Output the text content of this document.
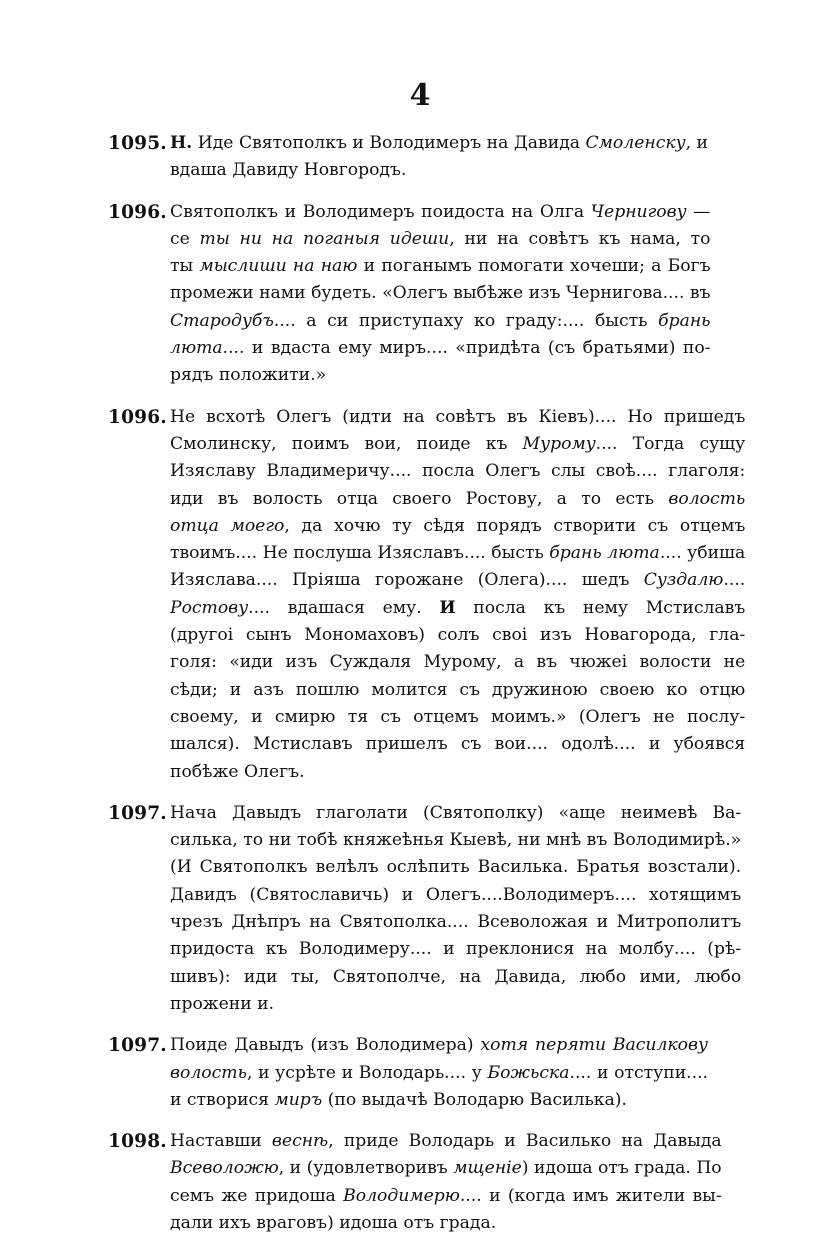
4
1095. Н. Иде Святополкъ и Володимеръ на Давида Смоленску, и
вдаша Давиду Новгородъ.
1096. Святополкъ и Володимеръ поидоста на Олга Чернигову —
се ты ни на поганыя идеши, ни на совѣтъ къ нама, то
ты мыслиши на наю и поганымъ помогати хочеши; а Богъ
промежи нами будеть. «Олегъ выбѣже изъ Чернигова.... въ
Стародубъ.... а си приступаху ко граду:.... бысть брань
люта.... и вдаста ему миръ.... «придѣта (съ братьями) по-
рядъ положити.»
1096. Не всхотѣ Олегъ (идти на совѣтъ въ Кіевъ).... Но пришедъ
Смолинску, поимъ вои, поиде къ Мурому.... Тогда сущу
Изяславу Владимеричу.... посла Олегъ слы своѣ.... глаголя:
иди въ волость отца своего Ростову, а то есть волость
отца моего, да хочю ту сѣдя порядъ створити съ отцемъ
твоимъ.... Не послуша Изяславъ.... бысть брань люта.... убиша
Изяслава.... Пріяша горожане (Олега).... шедъ Суздалю....
Ростову.... вдашася ему. И посла къ нему Мстиславъ
(другоі сынъ Мономаховъ) солъ своі изъ Новагорода, гла-
голя: «иди изъ Суждаля Мурому, а въ чюжеі волости не
сѣди; и азъ пошлю молится съ дружиною своею ко отцю
своему, и смирю тя съ отцемъ моимъ.» (Олегъ не послу-
шался). Мстиславъ пришелъ съ вои.... одолѣ.... и убоявся
побѣже Олегъ.
1097. Нача Давыдъ глаголати (Святополку) «аще неимевѣ Ва-
силька, то ни тобѣ княжеѣнья Кыевѣ, ни мнѣ въ Володимирѣ.»
(И Святополкъ велѣлъ ослѣпить Василька. Братья возстали).
Давидъ (Святославичь) и Олегъ....Володимеръ.... хотящимъ
чрезъ Днѣпръ на Святополка.... Всеволожая и Митрополитъ
придоста къ Володимеру.... и преклонися на молбу.... (рѣ-
шивъ): иди ты, Святополче, на Давида, любо ими, любо
прожени и.
1097. Поиде Давыдъ (изъ Володимера) хотя перяти Василкову
волость, и усрѣте и Володарь.... у Божьска.... и отступи....
и створися миръ (по выдачѣ Володарю Василька).
1098. Наставши веснѣ, приде Володарь и Василько на Давыда
Всеволожю, и (удовлетворивъ мщеніе) идоша отъ града. По
семъ же придоша Володимерю.... и (когда имъ жители вы-
дали ихъ враговъ) идоша отъ града.
